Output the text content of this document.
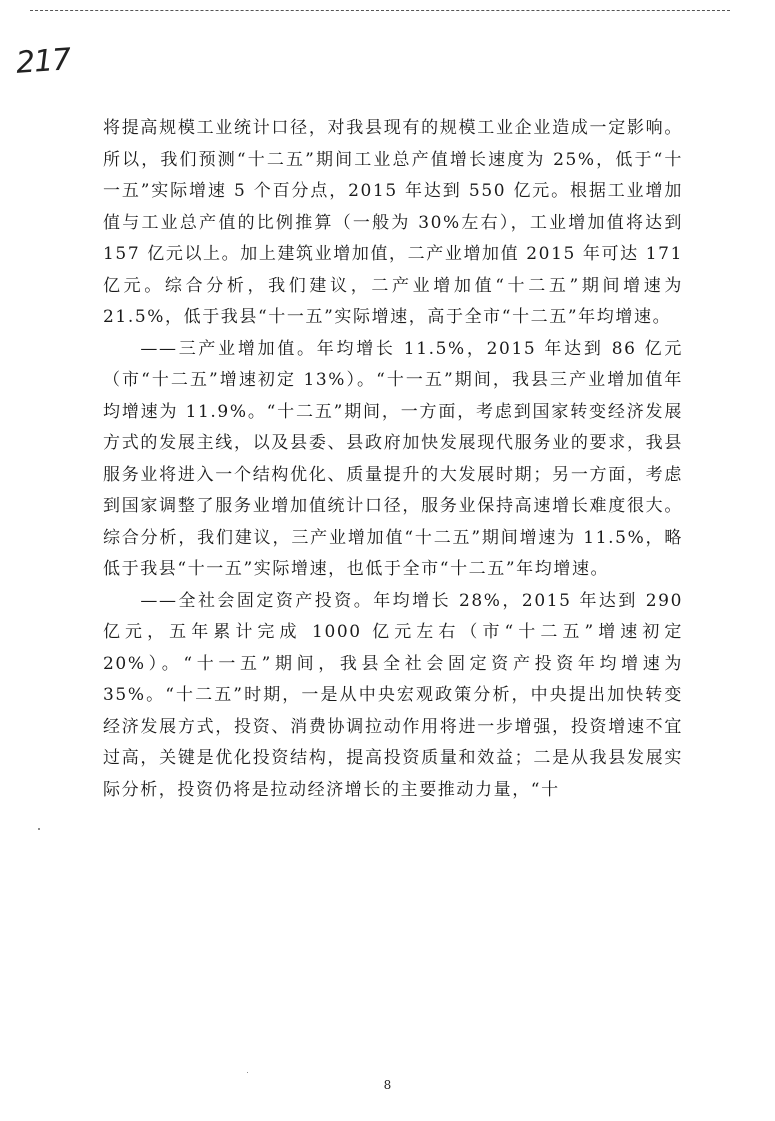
217

将提高规模工业统计口径，对我县现有的规模工业企业造成一定影响。所以，我们预测“十二五”期间工业总产值增长速度为 25%，低于“十一五”实际增速 5 个百分点，2015 年达到 550 亿元。根据工业增加值与工业总产值的比例推算（一般为 30%左右），工业增加值将达到 157 亿元以上。加上建筑业增加值，二产业增加值 2015 年可达 171 亿元。综合分析，我们建议，二产业增加值“十二五”期间增速为 21.5%，低于我县“十一五”实际增速，高于全市“十二五”年均增速。

——三产业增加值。年均增长 11.5%，2015 年达到 86 亿元（市“十二五”增速初定 13%）。“十一五”期间，我县三产业增加值年均增速为 11.9%。“十二五”期间，一方面，考虑到国家转变经济发展方式的发展主线，以及县委、县政府加快发展现代服务业的要求，我县服务业将进入一个结构优化、质量提升的大发展时期；另一方面，考虑到国家调整了服务业增加值统计口径，服务业保持高速增长难度很大。综合分析，我们建议，三产业增加值“十二五”期间增速为 11.5%，略低于我县“十一五”实际增速，也低于全市“十二五”年均增速。

——全社会固定资产投资。年均增长 28%，2015 年达到 290 亿元，五年累计完成 1000 亿元左右（市“十二五”增速初定 20%）。“十一五”期间，我县全社会固定资产投资年均增速为 35%。“十二五”时期，一是从中央宏观政策分析，中央提出加快转变经济发展方式，投资、消费协调拉动作用将进一步增强，投资增速不宜过高，关键是优化投资结构，提高投资质量和效益；二是从我县发展实际分析，投资仍将是拉动经济增长的主要推动力量，“十

8
